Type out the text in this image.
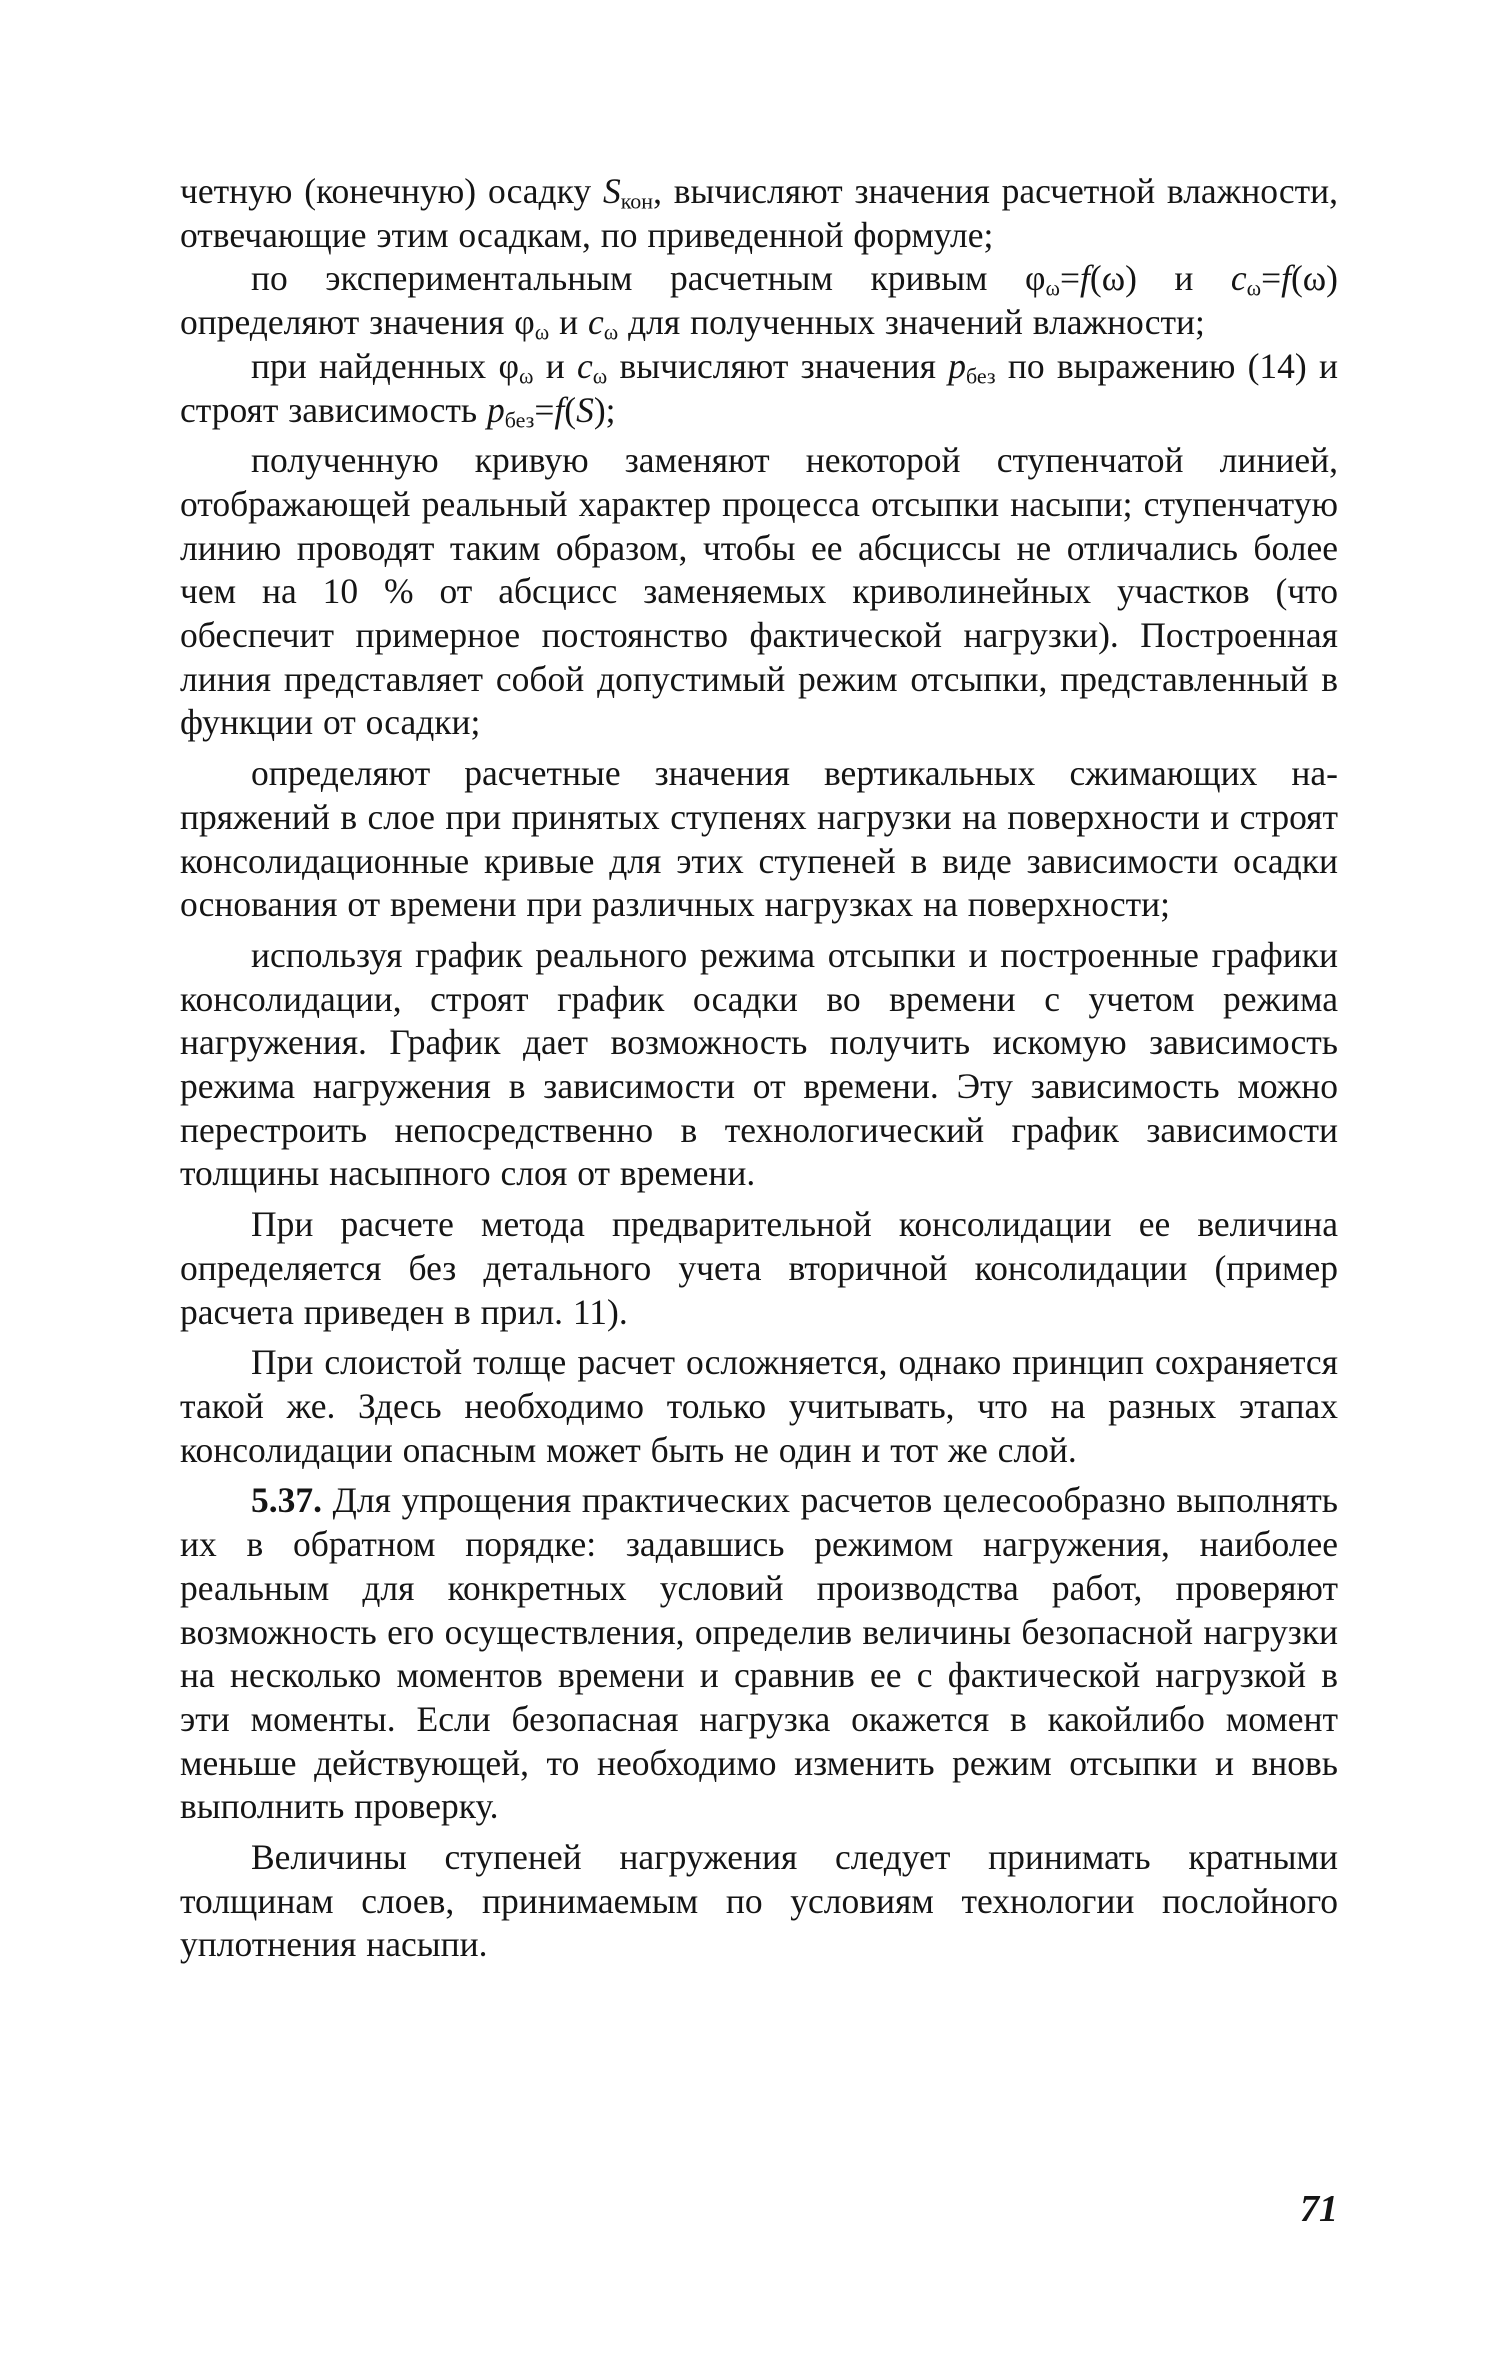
четную (конечную) осадку $S_{кон}$, вычисляют значения расчетной влажности, отвечающие этим осадкам, по приведенной формуле;

по экспериментальным расчетным кривым $\varphi_\omega=f(\omega)$ и $c_\omega=f(\omega)$ определяют значения $\varphi_\omega$ и $c_\omega$ для полученных значений влажности;

при найденных $\varphi_\omega$ и $c_\omega$ вычисляют значения $p_{без}$ по выражению (14) и строят зависимость $p_{без}=f(S)$;

полученную кривую заменяют некоторой ступенчатой линией, отображающей реальный характер процесса отсыпки насыпи; ступенчатую линию проводят таким образом, чтобы ее абсциссы не отличались более чем на 10 % от абсцисс заменяемых криволинейных участков (что обеспечит примерное постоянство фактической нагрузки). Построенная линия представляет собой допустимый режим отсыпки, представленный в функции от осадки;

определяют расчетные значения вертикальных сжимающих напряжений в слое при принятых ступенях нагрузки на поверхности и строят консолидационные кривые для этих ступеней в виде зависимости осадки основания от времени при различных нагрузках на поверхности;

используя график реального режима отсыпки и построенные графики консолидации, строят график осадки во времени с учетом режима нагружения. График дает возможность получить искомую зависимость режима нагружения в зависимости от времени. Эту зависимость можно перестроить непосредственно в технологический график зависимости толщины насыпного слоя от времени.

При расчете метода предварительной консолидации ее величина определяется без детального учета вторичной консолидации (пример расчета приведен в прил. 11).

При слоистой толще расчет осложняется, однако принцип сохраняется такой же. Здесь необходимо только учитывать, что на разных этапах консолидации опасным может быть не один и тот же слой.

5.37. Для упрощения практических расчетов целесообразно выполнять их в обратном порядке: задавшись режимом нагружения, наиболее реальным для конкретных условий производства работ, проверяют возможность его осуществления, определив величины безопасной нагрузки на несколько моментов времени и сравнив ее с фактической нагрузкой в эти моменты. Если безопасная нагрузка окажется в какойлибо момент меньше действующей, то необходимо изменить режим отсыпки и вновь выполнить проверку.

Величины ступеней нагружения следует принимать кратными толщинам слоев, принимаемым по условиям технологии послойного уплотнения насыпи.

71
